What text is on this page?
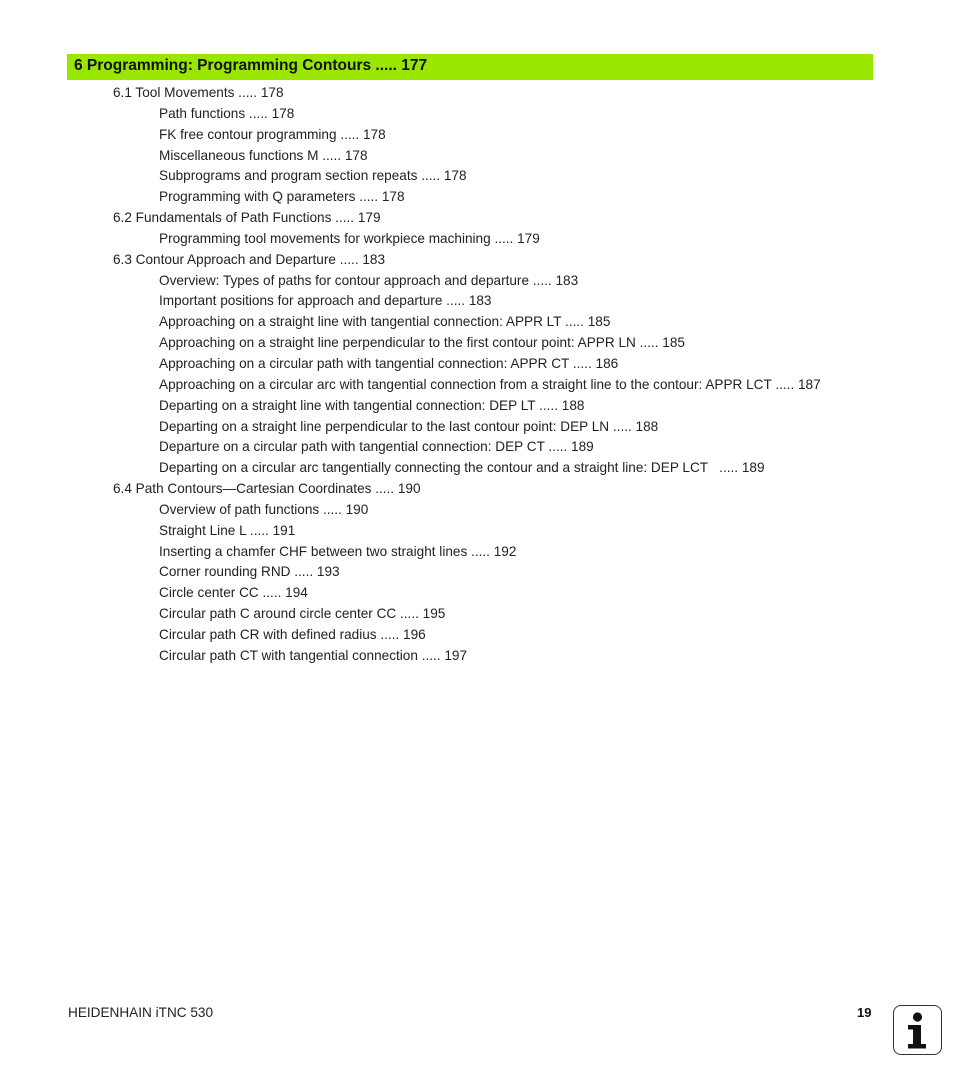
6 Programming: Programming Contours ..... 177
6.1 Tool Movements ..... 178
Path functions ..... 178
FK free contour programming ..... 178
Miscellaneous functions M ..... 178
Subprograms and program section repeats ..... 178
Programming with Q parameters ..... 178
6.2 Fundamentals of Path Functions ..... 179
Programming tool movements for workpiece machining ..... 179
6.3 Contour Approach and Departure ..... 183
Overview: Types of paths for contour approach and departure ..... 183
Important positions for approach and departure ..... 183
Approaching on a straight line with tangential connection: APPR LT ..... 185
Approaching on a straight line perpendicular to the first contour point: APPR LN ..... 185
Approaching on a circular path with tangential connection: APPR CT ..... 186
Approaching on a circular arc with tangential connection from a straight line to the contour: APPR LCT ..... 187
Departing on a straight line with tangential connection: DEP LT ..... 188
Departing on a straight line perpendicular to the last contour point: DEP LN ..... 188
Departure on a circular path with tangential connection: DEP CT ..... 189
Departing on a circular arc tangentially connecting the contour and a straight line: DEP LCT   ..... 189
6.4 Path Contours—Cartesian Coordinates ..... 190
Overview of path functions ..... 190
Straight Line L ..... 191
Inserting a chamfer CHF between two straight lines ..... 192
Corner rounding RND ..... 193
Circle center CC ..... 194
Circular path C around circle center CC ..... 195
Circular path CR with defined radius ..... 196
Circular path CT with tangential connection ..... 197
HEIDENHAIN iTNC 530	19
